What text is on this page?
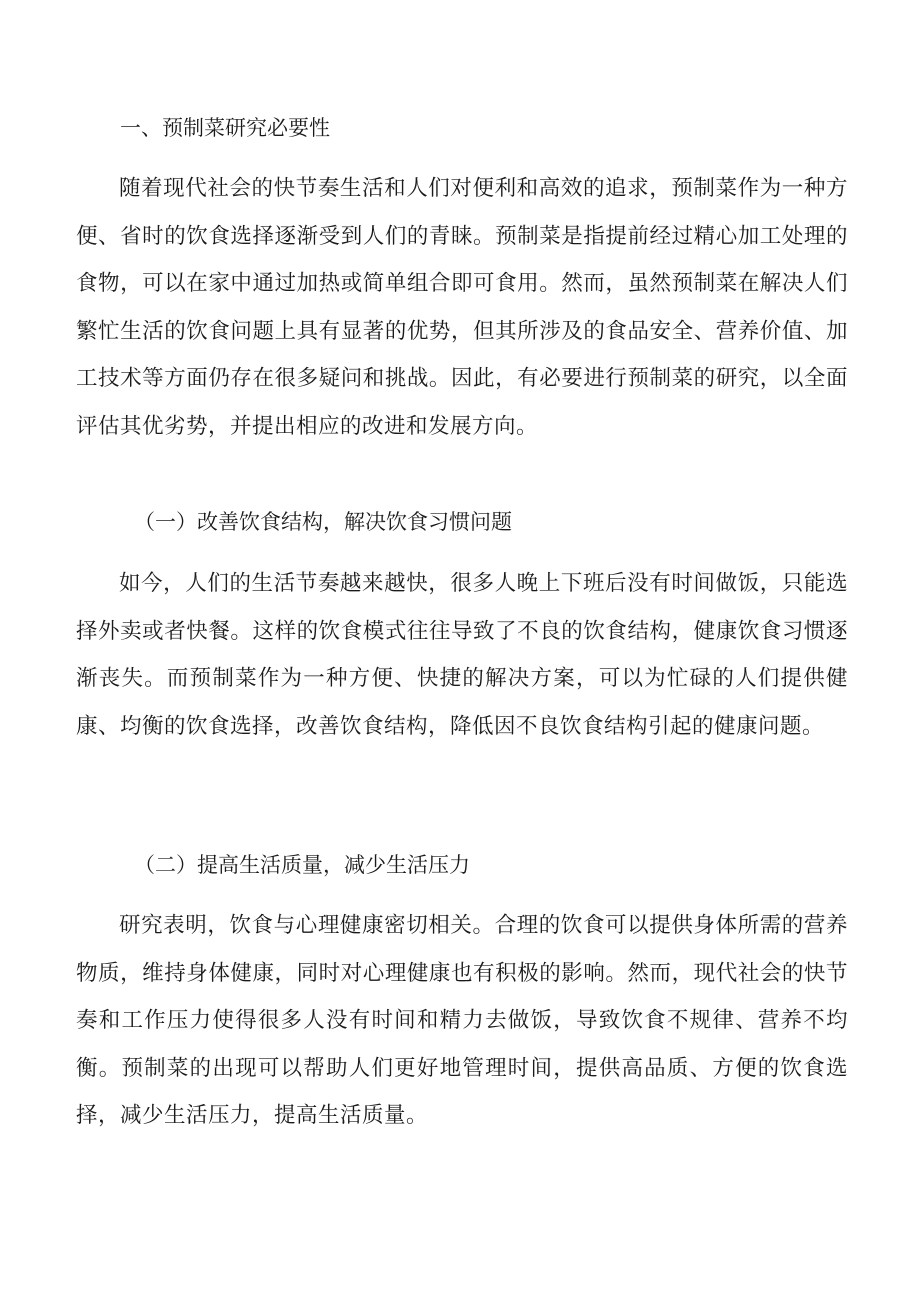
一、预制菜研究必要性

随着现代社会的快节奏生活和人们对便利和高效的追求，预制菜作为一种方便、省时的饮食选择逐渐受到人们的青睐。预制菜是指提前经过精心加工处理的食物，可以在家中通过加热或简单组合即可食用。然而，虽然预制菜在解决人们繁忙生活的饮食问题上具有显著的优势，但其所涉及的食品安全、营养价值、加工技术等方面仍存在很多疑问和挑战。因此，有必要进行预制菜的研究，以全面评估其优劣势，并提出相应的改进和发展方向。

（一）改善饮食结构，解决饮食习惯问题

如今，人们的生活节奏越来越快，很多人晚上下班后没有时间做饭，只能选择外卖或者快餐。这样的饮食模式往往导致了不良的饮食结构，健康饮食习惯逐渐丧失。而预制菜作为一种方便、快捷的解决方案，可以为忙碌的人们提供健康、均衡的饮食选择，改善饮食结构，降低因不良饮食结构引起的健康问题。

（二）提高生活质量，减少生活压力

研究表明，饮食与心理健康密切相关。合理的饮食可以提供身体所需的营养物质，维持身体健康，同时对心理健康也有积极的影响。然而，现代社会的快节奏和工作压力使得很多人没有时间和精力去做饭，导致饮食不规律、营养不均衡。预制菜的出现可以帮助人们更好地管理时间，提供高品质、方便的饮食选择，减少生活压力，提高生活质量。
